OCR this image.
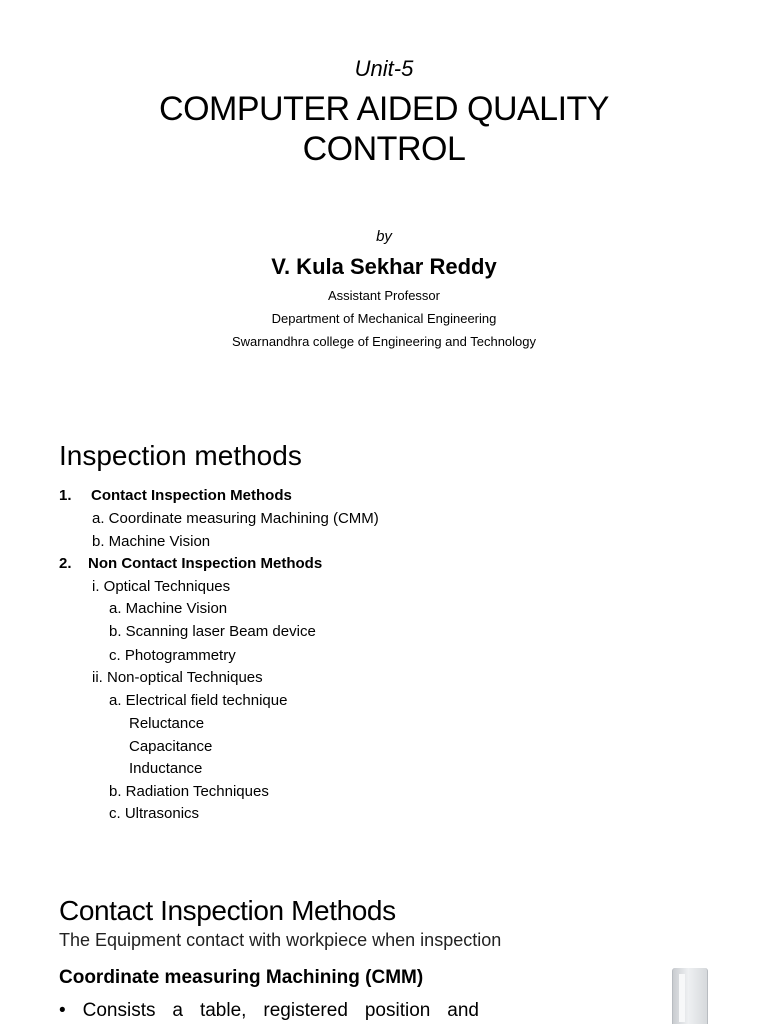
Unit-5
COMPUTER AIDED QUALITY
CONTROL
by
V. Kula Sekhar Reddy
Assistant Professor
Department of Mechanical Engineering
Swarnandhra college of Engineering and Technology
Inspection methods
1. Contact Inspection Methods
a. Coordinate measuring Machining (CMM)
b. Machine Vision
2. Non Contact Inspection Methods
i. Optical Techniques
a. Machine Vision
b. Scanning laser Beam device
c. Photogrammetry
ii. Non-optical Techniques
a. Electrical field technique
Reluctance
Capacitance
Inductance
b. Radiation Techniques
c. Ultrasonics
Contact Inspection Methods
The Equipment contact with workpiece when inspection
Coordinate measuring Machining (CMM)
• Consists a table, registered position and
